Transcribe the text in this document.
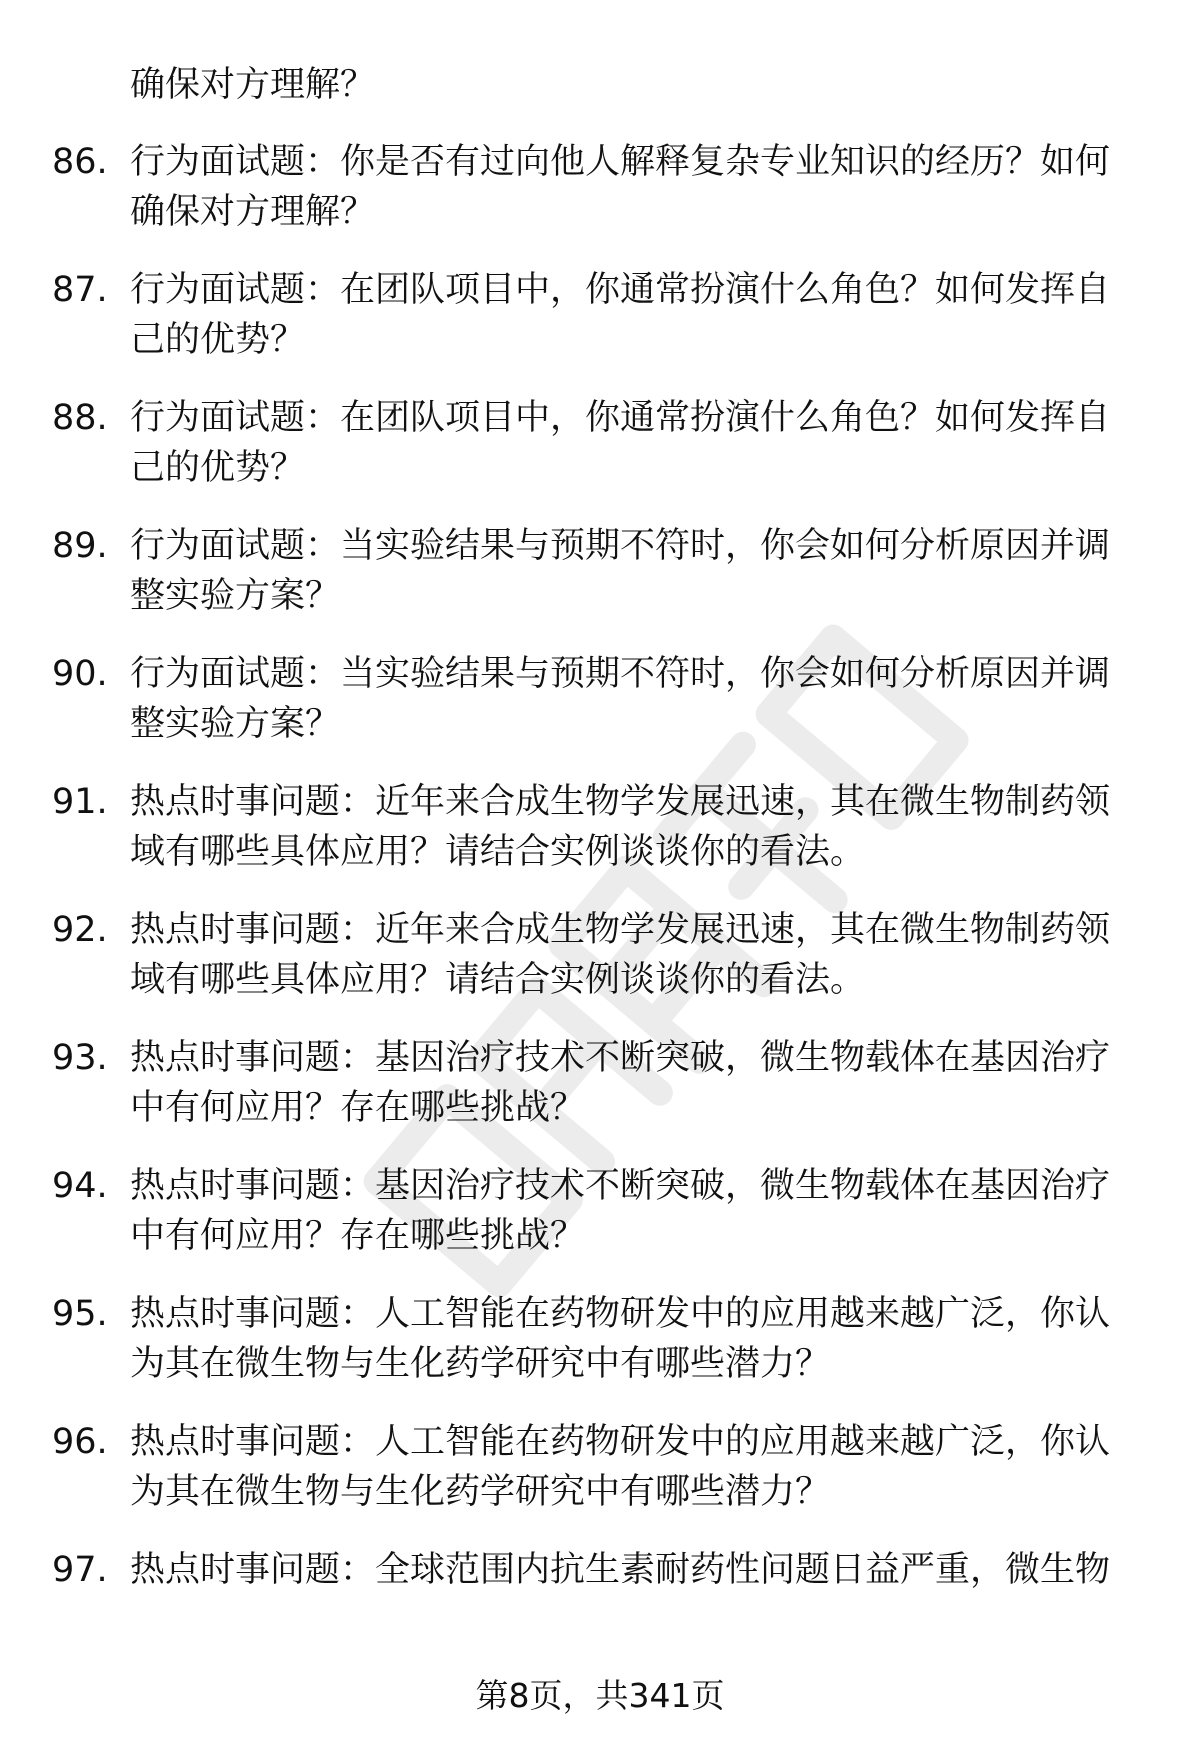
确保对方理解？
86. 行为面试题：你是否有过向他人解释复杂专业知识的经历？如何
确保对方理解？
87. 行为面试题：在团队项目中，你通常扮演什么角色？如何发挥自
己的优势？
88. 行为面试题：在团队项目中，你通常扮演什么角色？如何发挥自
己的优势？
89. 行为面试题：当实验结果与预期不符时，你会如何分析原因并调
整实验方案？
90. 行为面试题：当实验结果与预期不符时，你会如何分析原因并调
整实验方案？
91. 热点时事问题：近年来合成生物学发展迅速，其在微生物制药领
域有哪些具体应用？请结合实例谈谈你的看法。
92. 热点时事问题：近年来合成生物学发展迅速，其在微生物制药领
域有哪些具体应用？请结合实例谈谈你的看法。
93. 热点时事问题：基因治疗技术不断突破，微生物载体在基因治疗
中有何应用？存在哪些挑战？
94. 热点时事问题：基因治疗技术不断突破，微生物载体在基因治疗
中有何应用？存在哪些挑战？
95. 热点时事问题：人工智能在药物研发中的应用越来越广泛，你认
为其在微生物与生化药学研究中有哪些潜力？
96. 热点时事问题：人工智能在药物研发中的应用越来越广泛，你认
为其在微生物与生化药学研究中有哪些潜力？
97. 热点时事问题：全球范围内抗生素耐药性问题日益严重，微生物
第8页，共341页
